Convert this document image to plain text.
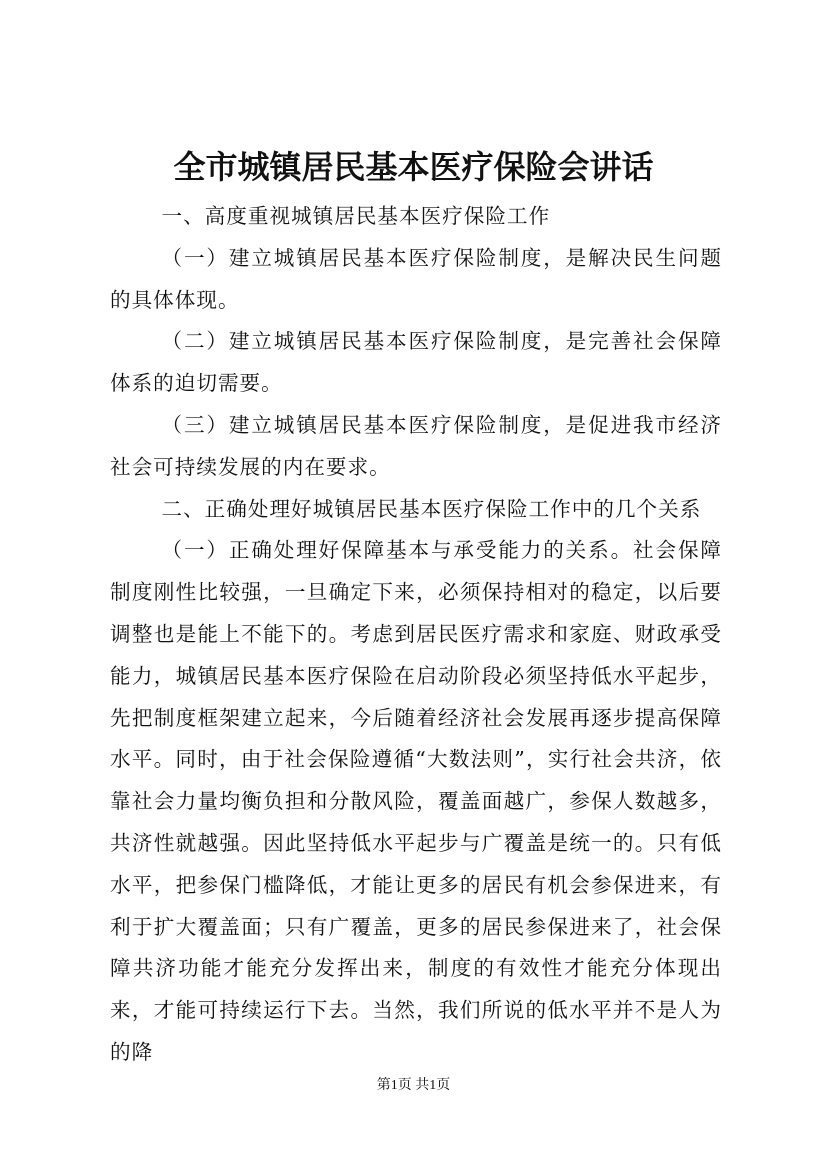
全市城镇居民基本医疗保险会讲话

一、高度重视城镇居民基本医疗保险工作

（一）建立城镇居民基本医疗保险制度，是解决民生问题的具体体现。

（二）建立城镇居民基本医疗保险制度，是完善社会保障体系的迫切需要。

（三）建立城镇居民基本医疗保险制度，是促进我市经济社会可持续发展的内在要求。

二、正确处理好城镇居民基本医疗保险工作中的几个关系

（一）正确处理好保障基本与承受能力的关系。社会保障制度刚性比较强，一旦确定下来，必须保持相对的稳定，以后要调整也是能上不能下的。考虑到居民医疗需求和家庭、财政承受能力，城镇居民基本医疗保险在启动阶段必须坚持低水平起步，先把制度框架建立起来，今后随着经济社会发展再逐步提高保障水平。同时，由于社会保险遵循“大数法则”，实行社会共济，依靠社会力量均衡负担和分散风险，覆盖面越广，参保人数越多，共济性就越强。因此坚持低水平起步与广覆盖是统一的。只有低水平，把参保门槛降低，才能让更多的居民有机会参保进来，有利于扩大覆盖面；只有广覆盖，更多的居民参保进来了，社会保障共济功能才能充分发挥出来，制度的有效性才能充分体现出来，才能可持续运行下去。当然，我们所说的低水平并不是人为的降

第1页 共1页
